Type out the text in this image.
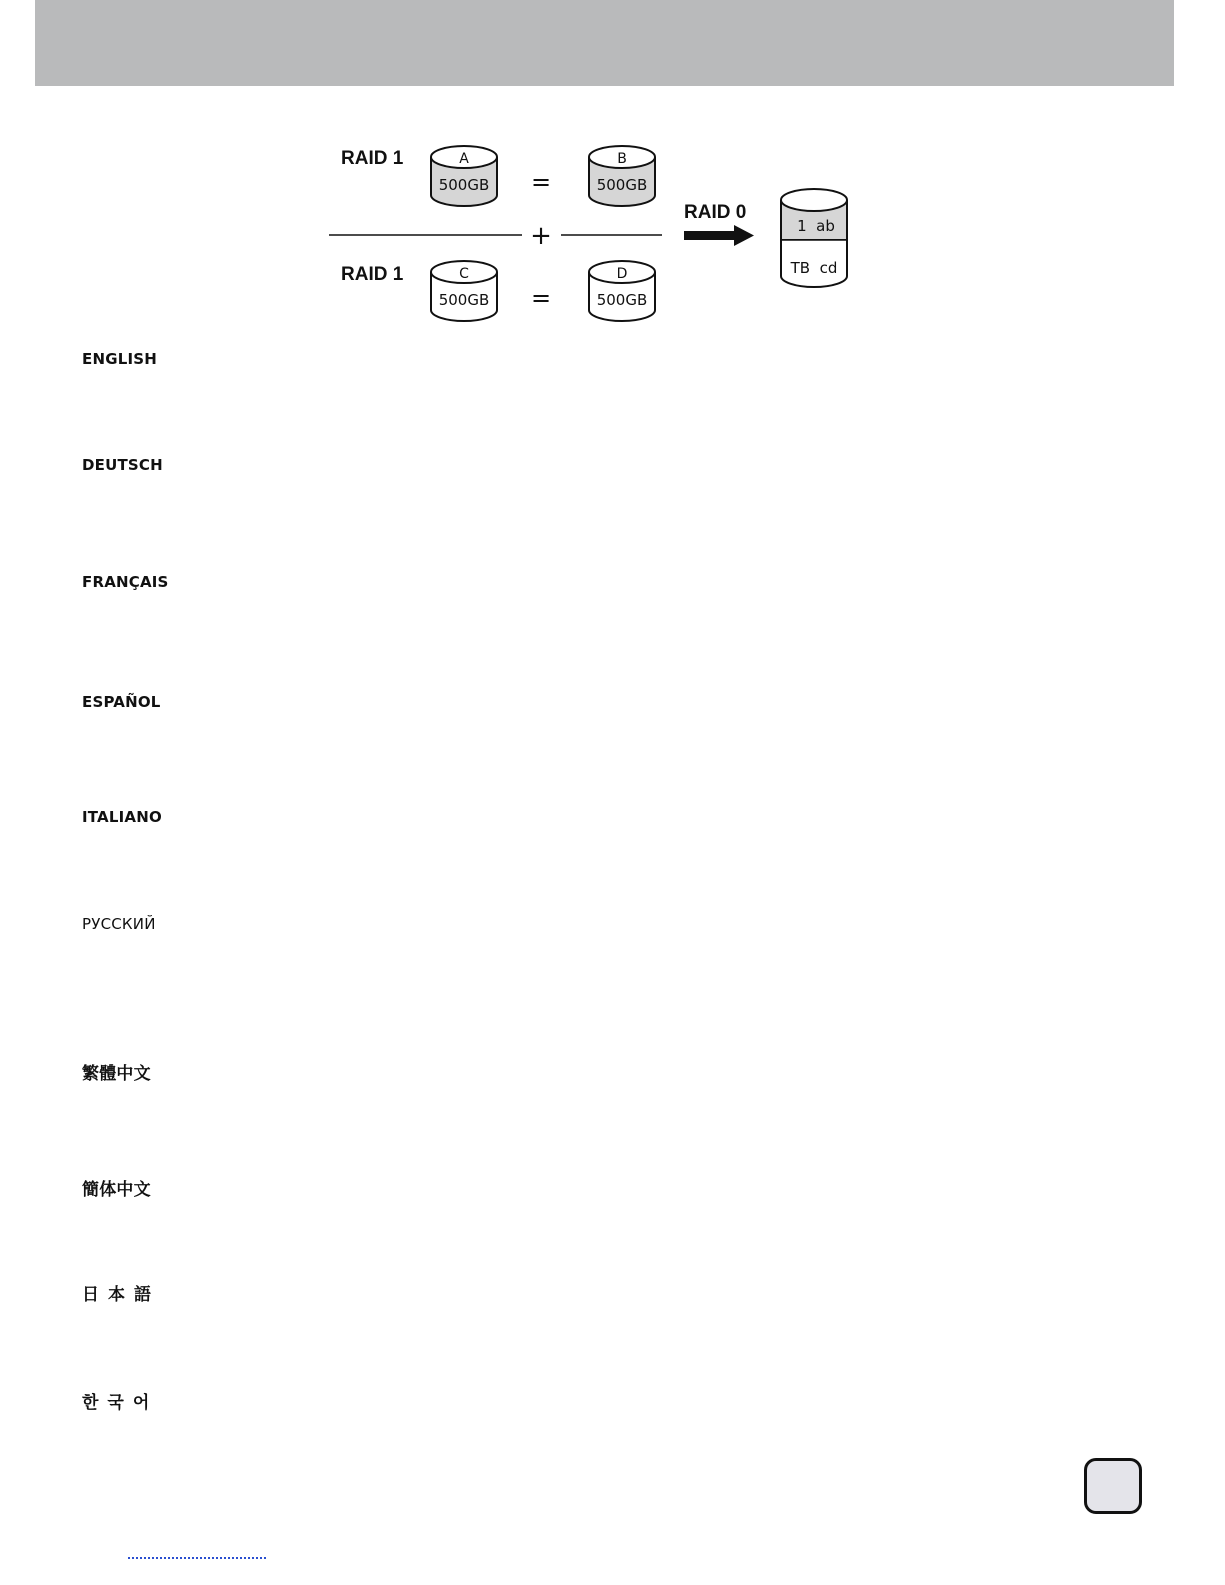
RAID 1
RAID 1
A
500GB =
B
500GB
+
C
500GB =
D
500GB
RAID 0
1  ab
TB  cd
ENGLISH
DEUTSCH
FRANÇAIS
ESPAÑOL
ITALIANO
РУССКИЙ
繁體中文
簡体中文
日本語
한국어
